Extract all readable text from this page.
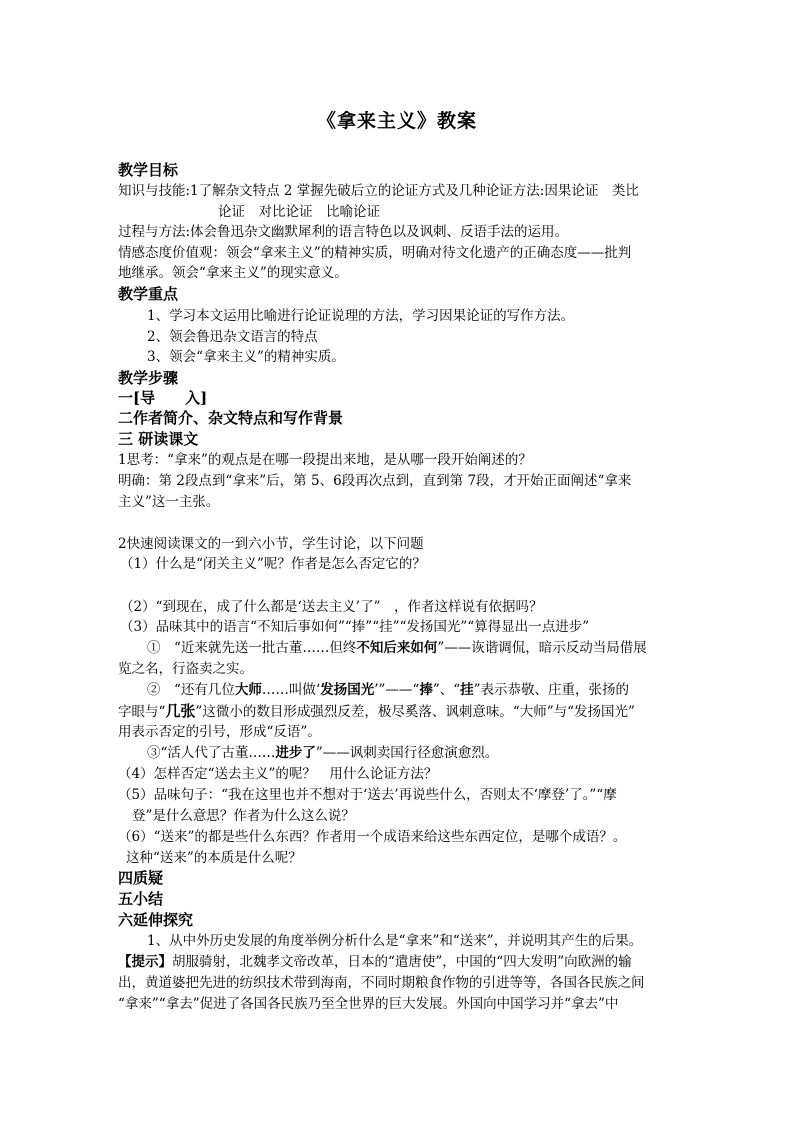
《拿来主义》教案
教学目标
知识与技能:1了解杂文特点 2 掌握先破后立的论证方式及几种论证方法:因果论证　类比
论证　对比论证　比喻论证
过程与方法:体会鲁迅杂文幽默犀利的语言特色以及讽刺、反语手法的运用。
情感态度价值观：领会“拿来主义”的精神实质，明确对待文化遗产的正确态度——批判
地继承。领会“拿来主义”的现实意义。
教学重点
1、学习本文运用比喻进行论证说理的方法，学习因果论证的写作方法。
2、领会鲁迅杂文语言的特点
3、领会“拿来主义”的精神实质。
教学步骤
一[导　　入]
二作者简介、杂文特点和写作背景
三 研读课文
1思考：“拿来”的观点是在哪一段提出来地，是从哪一段开始阐述的？
明确：第 2段点到“拿来”后，第 5、6段再次点到，直到第 7段，才开始正面阐述“拿来
主义”这一主张。
2快速阅读课文的一到六小节，学生讨论，以下问题
（1）什么是“闭关主义”呢？作者是怎么否定它的？
（2）“到现在，成了什么都是‘送去主义’了”　，作者这样说有依据吗？
（3）品味其中的语言“不知后事如何”“捧”“挂”“发扬国光”“算得显出一点进步”
①　“近来就先送一批古董……但终不知后来如何”——诙谐调侃，暗示反动当局借展
览之名，行盗卖之实。
②　“还有几位大师……叫做‘发扬国光’”——“捧”、“挂”表示恭敬、庄重，张扬的
字眼与“几张”这微小的数目形成强烈反差，极尽奚落、讽刺意味。“大师”与“发扬国光”
用表示否定的引号，形成“反语”。
③“活人代了古董……进步了”——讽刺卖国行径愈演愈烈。
（4）怎样否定“送去主义”的呢？　用什么论证方法？
（5）品味句子：“我在这里也并不想对于‘送去’再说些什么，否则太不‘摩登’了。”“摩
登”是什么意思？作者为什么这么说？
（6）“送来”的都是些什么东西？作者用一个成语来给这些东西定位，是哪个成语？。
这种“送来”的本质是什么呢？
四质疑
五小结
六延伸探究
1、从中外历史发展的角度举例分析什么是“拿来”和“送来”，并说明其产生的后果。
【提示】胡服骑射，北魏孝文帝改革，日本的“遣唐使”，中国的“四大发明”向欧洲的输
出，黄道婆把先进的纺织技术带到海南，不同时期粮食作物的引进等等，各国各民族之间
“拿来”“拿去”促进了各国各民族乃至全世界的巨大发展。外国向中国学习并“拿去”中
